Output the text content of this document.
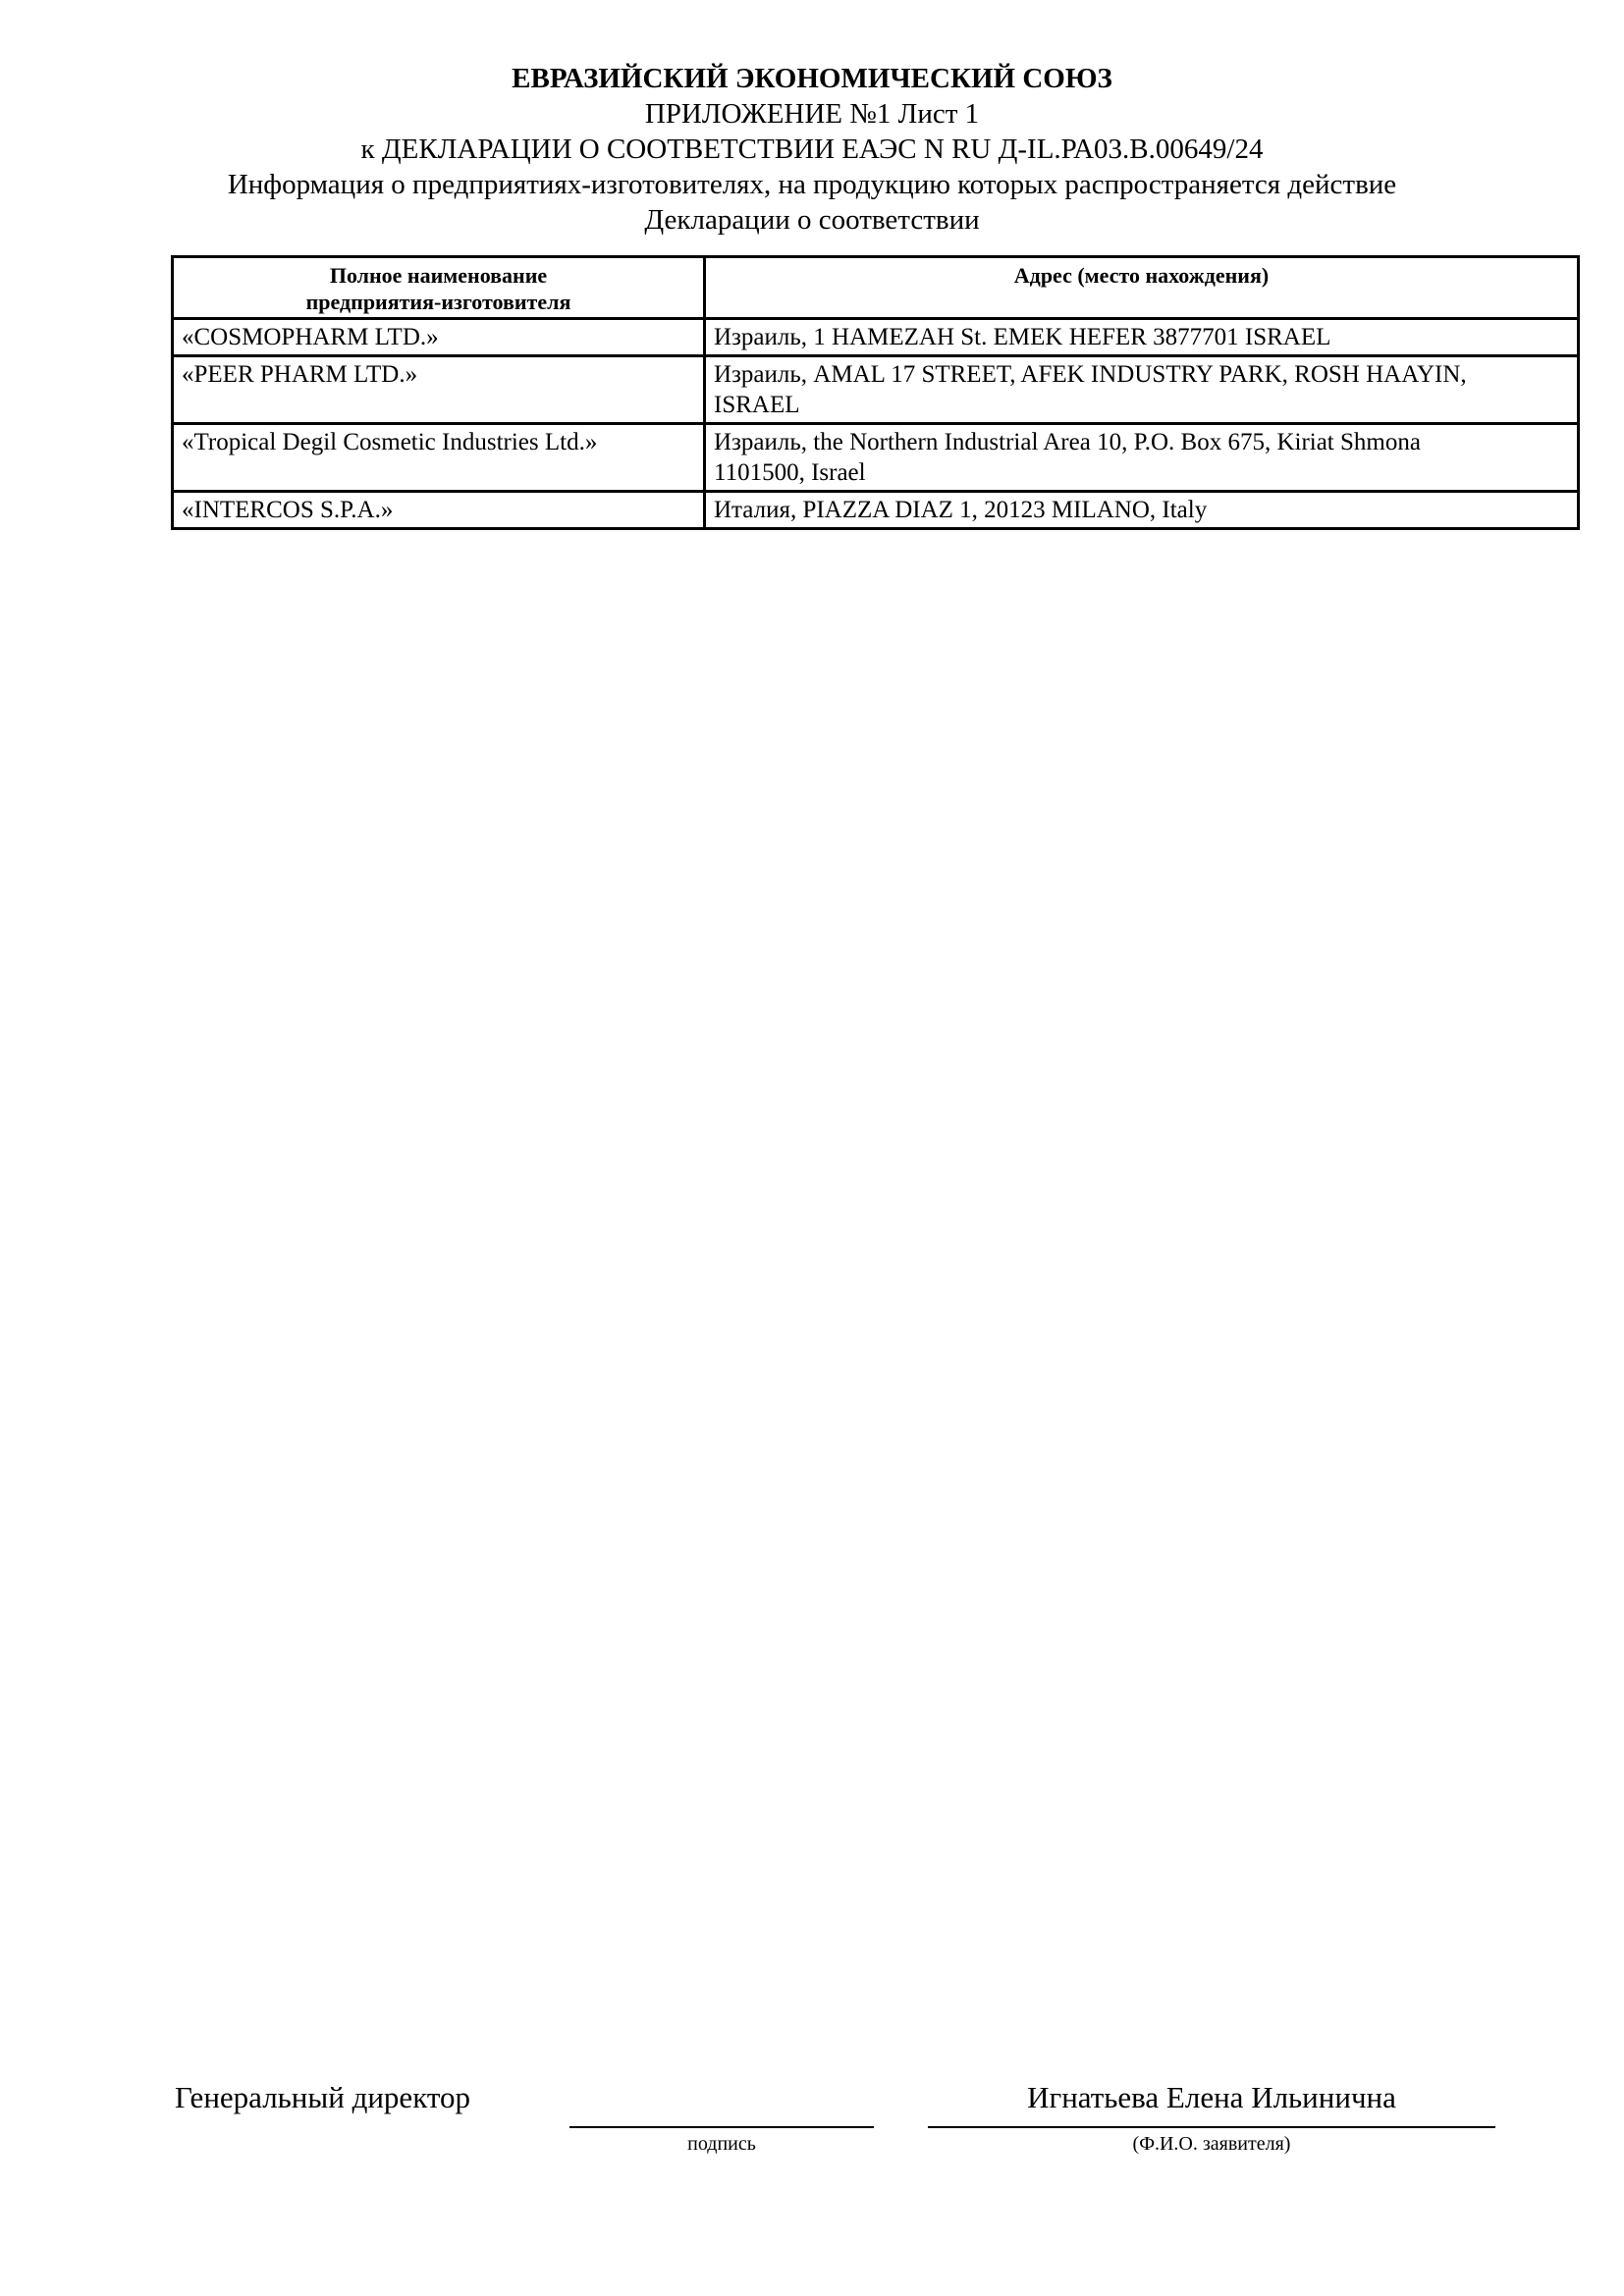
ЕВРАЗИЙСКИЙ ЭКОНОМИЧЕСКИЙ СОЮЗ
ПРИЛОЖЕНИЕ №1 Лист 1
к ДЕКЛАРАЦИИ О СООТВЕТСТВИИ ЕАЭС N RU Д-IL.РА03.В.00649/24
Информация о предприятиях-изготовителях, на продукцию которых распространяется действие
Декларации о соответствии
Полное наименование
предприятия-изготовителя	Адрес (место нахождения)
«COSMOPHARM LTD.»	Израиль, 1 HAMEZAH St. EMEK HEFER 3877701 ISRAEL
«PEER PHARM LTD.»	Израиль, AMAL 17 STREET, AFEK INDUSTRY PARK, ROSH HAAYIN,
ISRAEL
«Tropical Degil Cosmetic Industries Ltd.»	Израиль, the Northern Industrial Area 10, P.O. Box 675, Kiriat Shmona
1101500, Israel
«INTERCOS S.P.A.»	Италия, PIAZZA DIAZ 1, 20123 MILANO, Italy
Генеральный директор
подпись
Игнатьева Елена Ильинична
(Ф.И.О. заявителя)
